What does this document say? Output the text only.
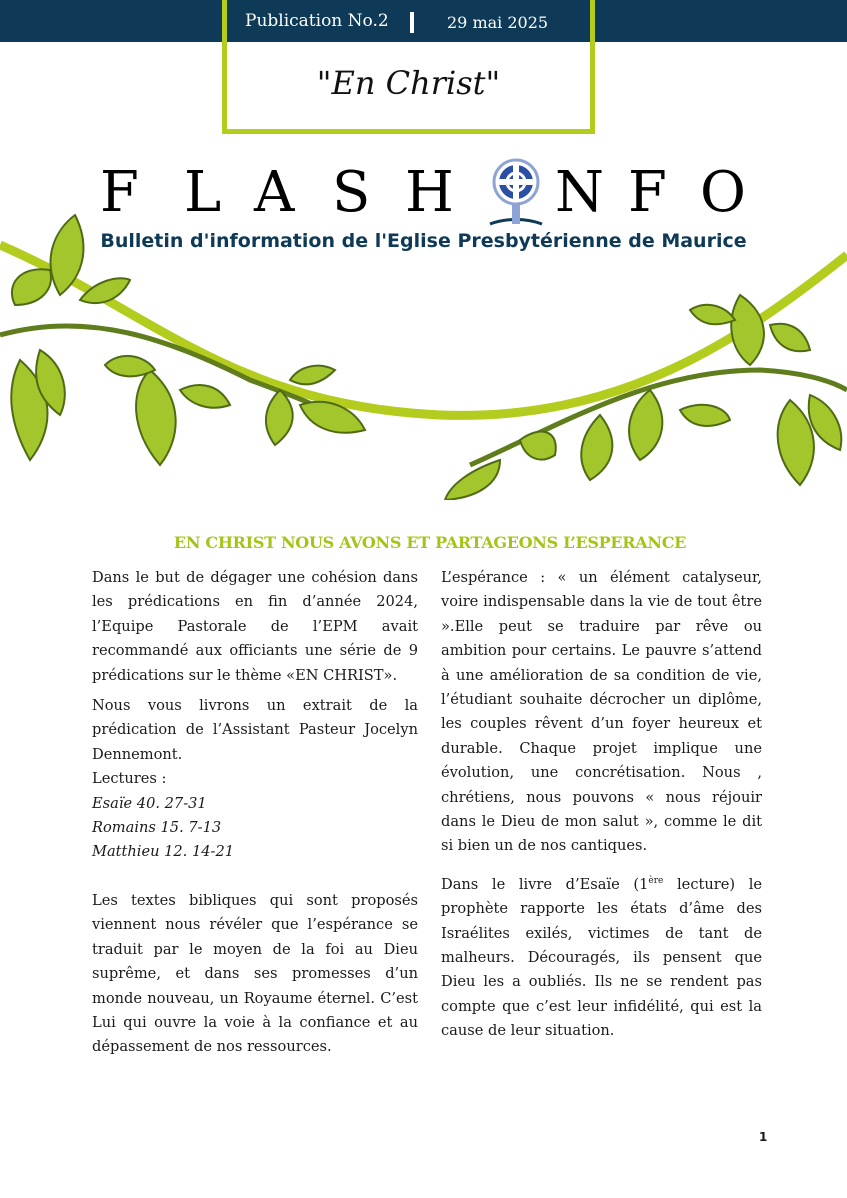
Publication No.2	29 mai 2025
"En Christ"
F L A S H N F O
Bulletin d'information de l'Eglise Presbytérienne de Maurice
EN CHRIST NOUS AVONS ET PARTAGEONS L’ESPERANCE

Dans le but de dégager une cohésion dans les prédications en fin d’année 2024, l’Equipe Pastorale de l’EPM avait recommandé aux officiants une série de 9 prédications sur le thème «EN CHRIST».

Nous vous livrons un extrait de la prédication de l’Assistant Pasteur Jocelyn Dennemont.

Lectures :

Esaïe 40. 27-31

Romains 15. 7-13

Matthieu 12. 14-21

Les textes bibliques qui sont proposés viennent nous révéler que l’espérance se traduit par le moyen de la foi au Dieu suprême, et dans ses promesses d’un monde nouveau, un Royaume éternel. C’est Lui qui ouvre la voie à la confiance et au dépassement de nos ressources.

L’espérance : « un élément catalyseur, voire indispensable dans la vie de tout être ».Elle peut se traduire par rêve ou ambition pour certains. Le pauvre s’attend à une amélioration de sa condition de vie, l’étudiant souhaite décrocher un diplôme, les couples rêvent d’un foyer heureux et durable. Chaque projet implique une évolution, une concrétisation. Nous , chrétiens, nous pouvons « nous réjouir dans le Dieu de mon salut », comme le dit si bien un de nos cantiques.

Dans le livre d’Esaïe (1ère lecture) le prophète rapporte les états d’âme des Israélites exilés, victimes de tant de malheurs. Découragés, ils pensent que Dieu les a oubliés. Ils ne se rendent pas compte que c’est leur infidélité, qui est la cause de leur situation.

1
